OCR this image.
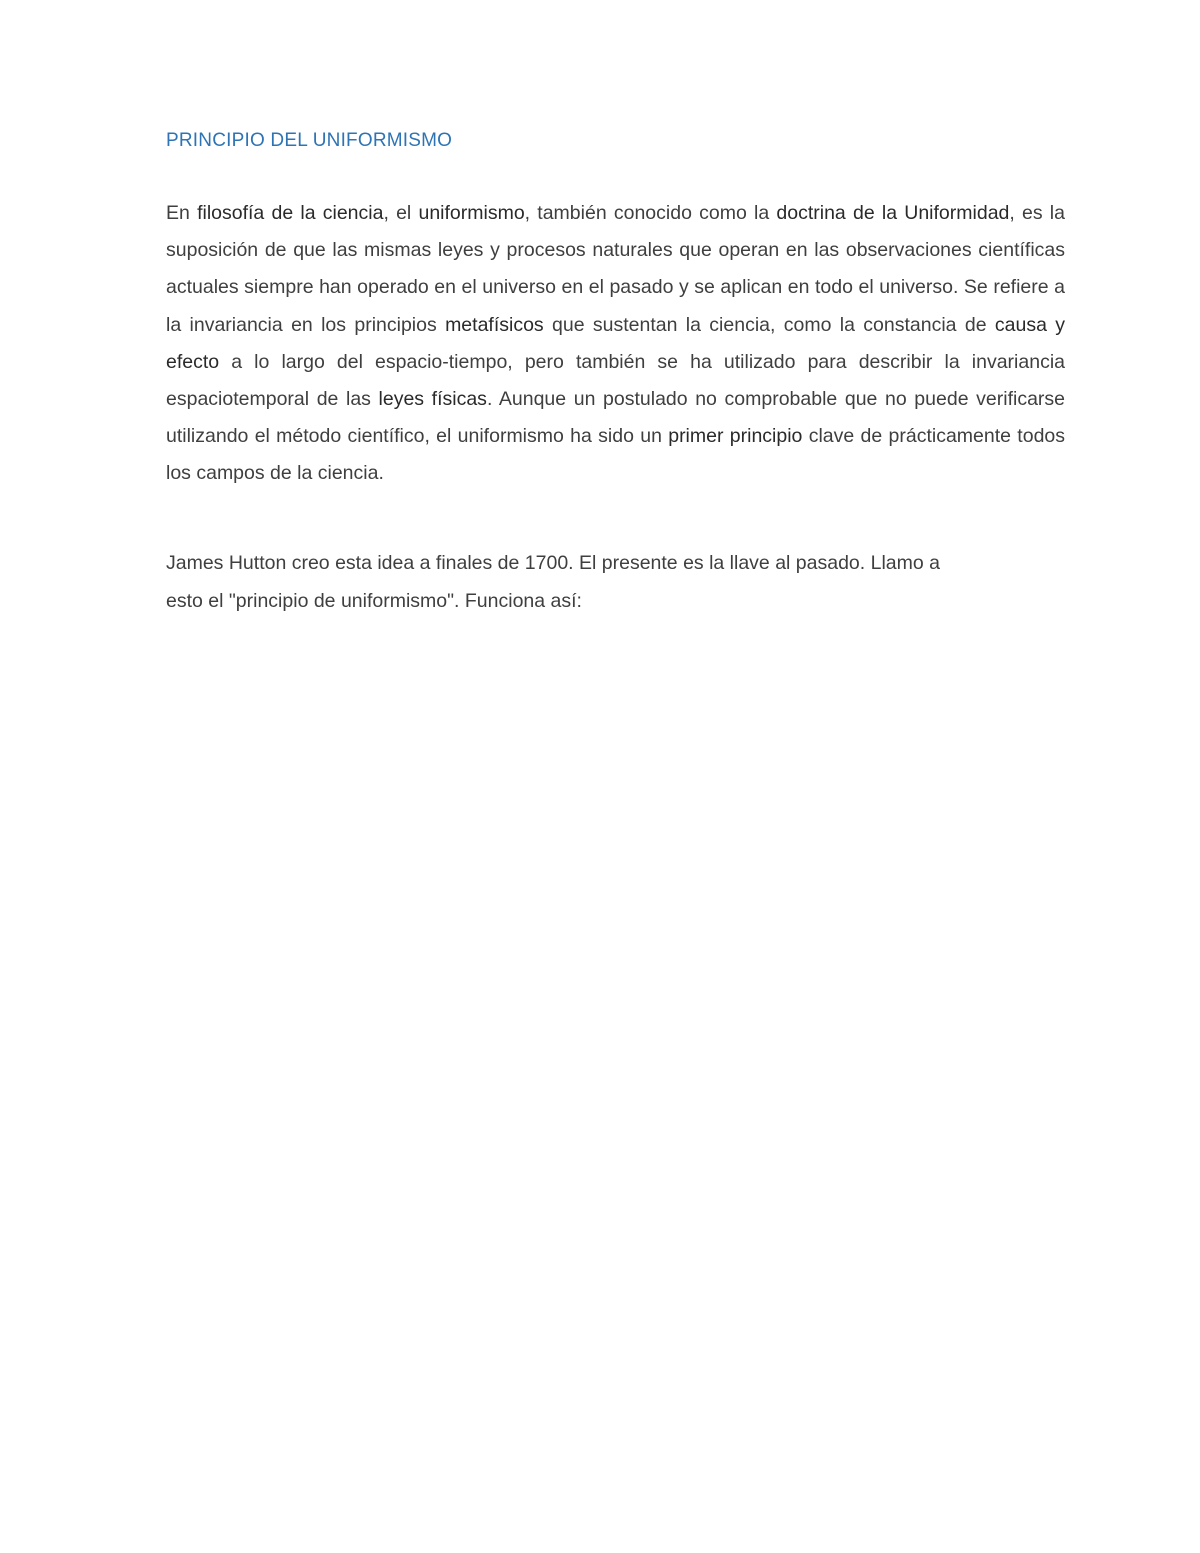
PRINCIPIO DEL UNIFORMISMO

En filosofía de la ciencia, el uniformismo, también conocido como la doctrina de la Uniformidad, es la suposición de que las mismas leyes y procesos naturales que operan en las observaciones científicas actuales siempre han operado en el universo en el pasado y se aplican en todo el universo. Se refiere a la invariancia en los principios metafísicos que sustentan la ciencia, como la constancia de causa y efecto a lo largo del espacio-tiempo, pero también se ha utilizado para describir la invariancia espaciotemporal de las leyes físicas. Aunque un postulado no comprobable que no puede verificarse utilizando el método científico, el uniformismo ha sido un primer principio clave de prácticamente todos los campos de la ciencia.

James Hutton creo esta idea a finales de 1700. El presente es la llave al pasado. Llamo a
esto el "principio de uniformismo". Funciona así:
